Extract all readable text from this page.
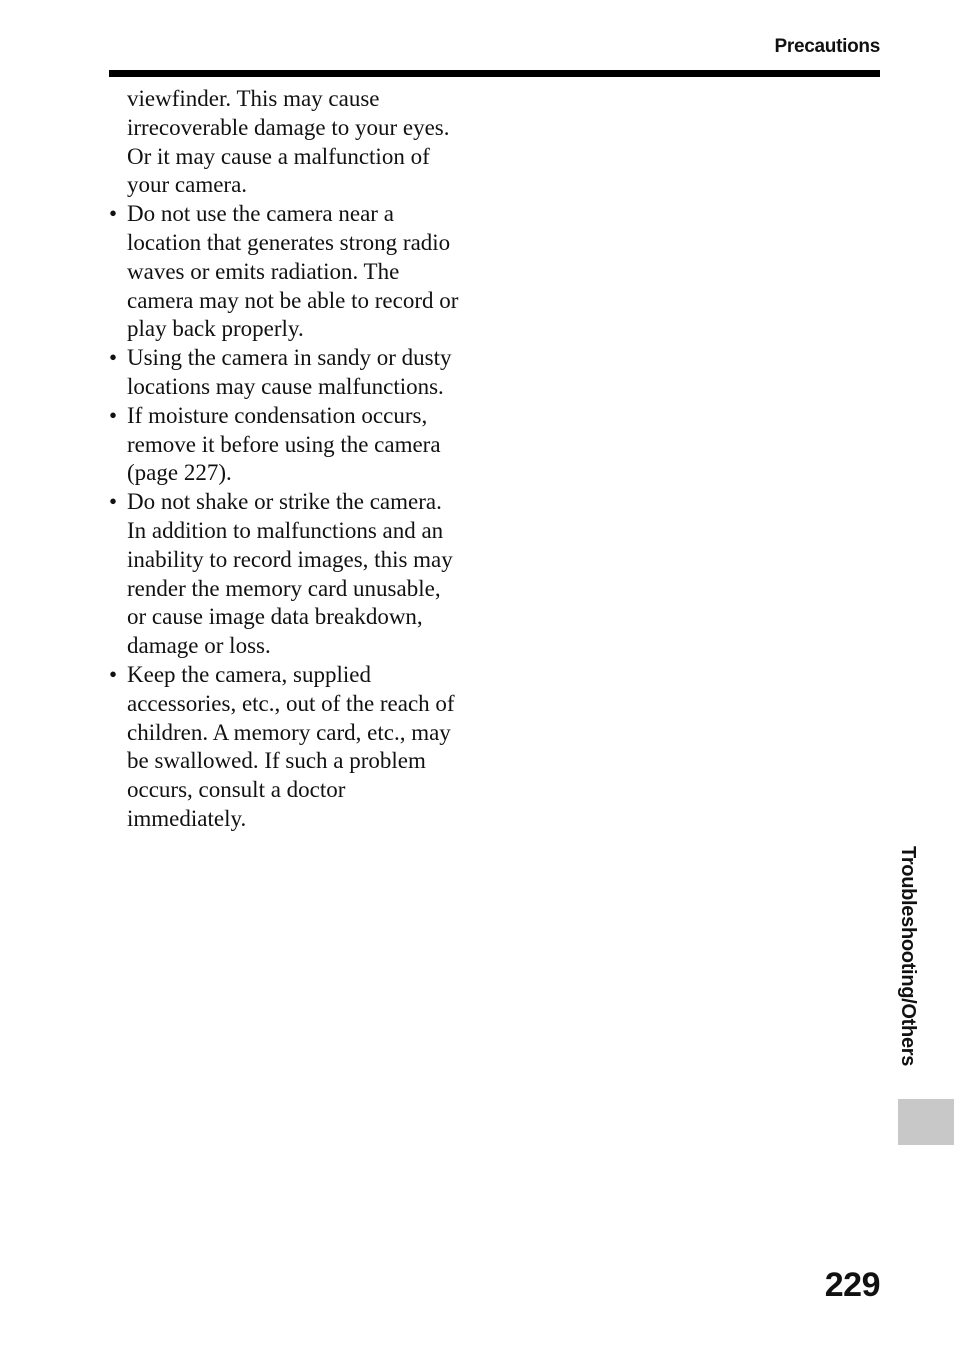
Precautions

viewfinder. This may cause
irrecoverable damage to your eyes.
Or it may cause a malfunction of
your camera.

• Do not use the camera near a
location that generates strong radio
waves or emits radiation. The
camera may not be able to record or
play back properly.
• Using the camera in sandy or dusty
locations may cause malfunctions.
• If moisture condensation occurs,
remove it before using the camera
(page 227).
• Do not shake or strike the camera.
In addition to malfunctions and an
inability to record images, this may
render the memory card unusable,
or cause image data breakdown,
damage or loss.
• Keep the camera, supplied
accessories, etc., out of the reach of
children. A memory card, etc., may
be swallowed. If such a problem
occurs, consult a doctor
immediately.
Troubleshooting/Others
229
